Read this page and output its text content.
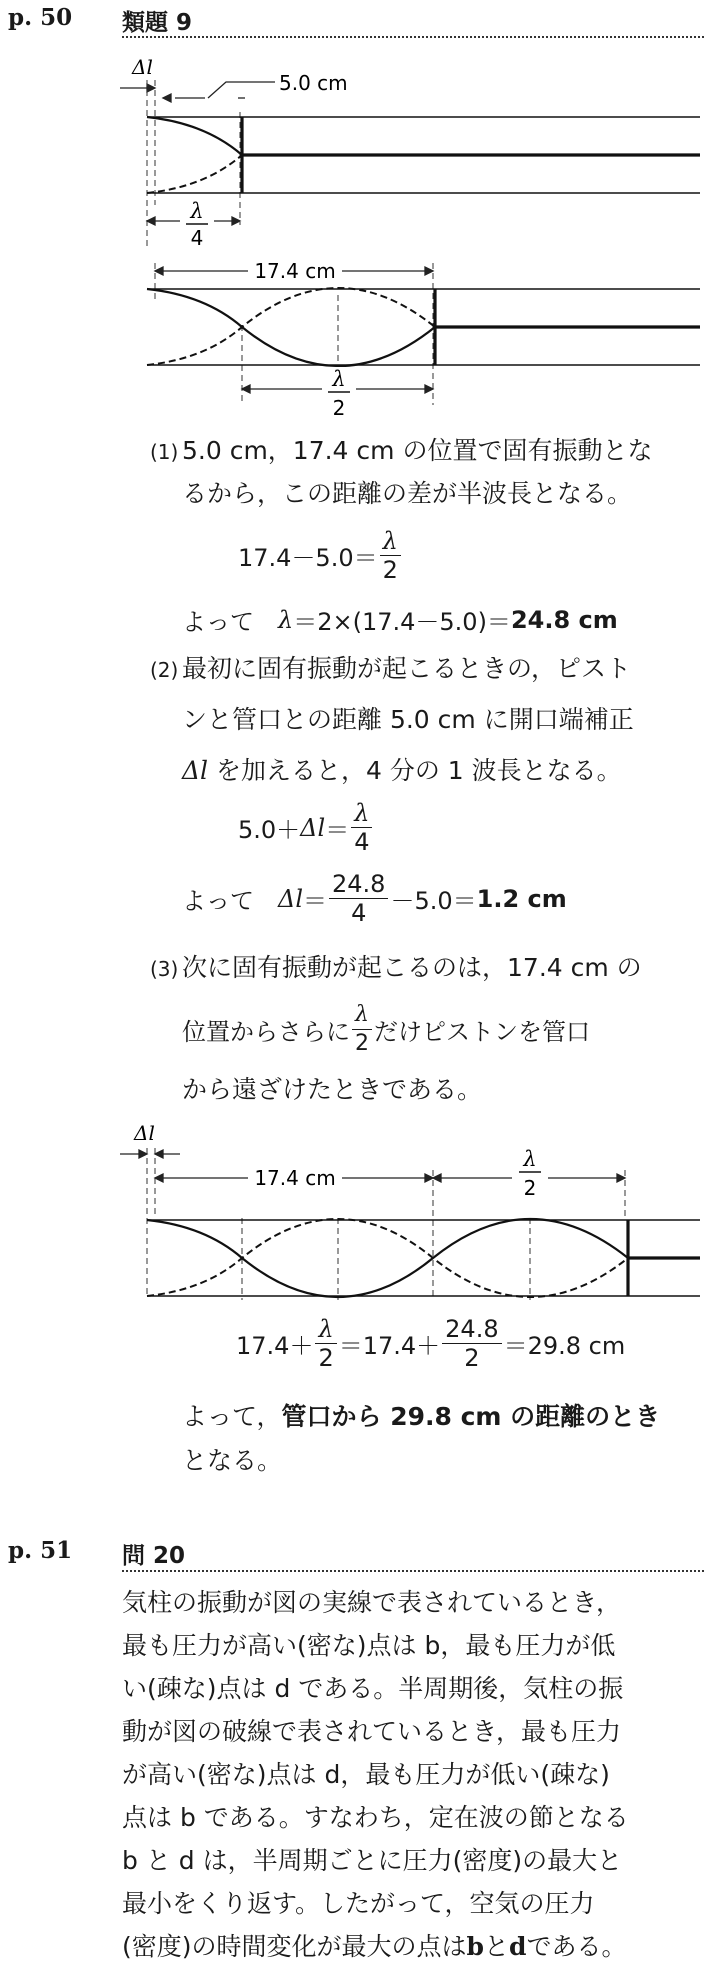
p. 50 類題 9
Δl
5.0 cm
λ
4
17.4 cm
λ
2
(1) 5.0 cm，17.4 cm の位置で固有振動とな
るから，この距離の差が半波長となる。
$17.4-5.0= \frac{\lambda}{2}$
よって　 λ ＝2×(17.4－5.0)＝ 24.8 cm
(2) 最初に固有振動が起こるときの，ピスト
ンと管口との距離 5.0 cm に開口端補正
Δl を加えると，4 分の 1 波長となる。
$5.0+ \Delta l = \frac{\lambda}{4}$
よって　 $\Delta l = \frac{24.8}{4} -5.0= 1.2$ cm
(3) 次に固有振動が起こるのは，17.4 cm の
位置からさらに $\frac{\lambda}{2}$ だけピストンを管口
から遠ざけたときである。
Δl
17.4 cm
λ
2
$17.4+ \frac{\lambda}{2} =17.4+ \frac{24.8}{2} =29.8$ cm
よって，管口から 29.8 cm の距離のとき
となる。
p. 51 問 20
気柱の振動が図の実線で表されているとき，
最も圧力が高い(密な)点は b，最も圧力が低
い(疎な)点は d である。半周期後，気柱の振
動が図の破線で表されているとき，最も圧力
が高い(密な)点は d，最も圧力が低い(疎な)
点は b である。すなわち，定在波の節となる
b と d は，半周期ごとに圧力(密度)の最大と
最小をくり返す。したがって，空気の圧力
(密度)の時間変化が最大の点はbとdである。
